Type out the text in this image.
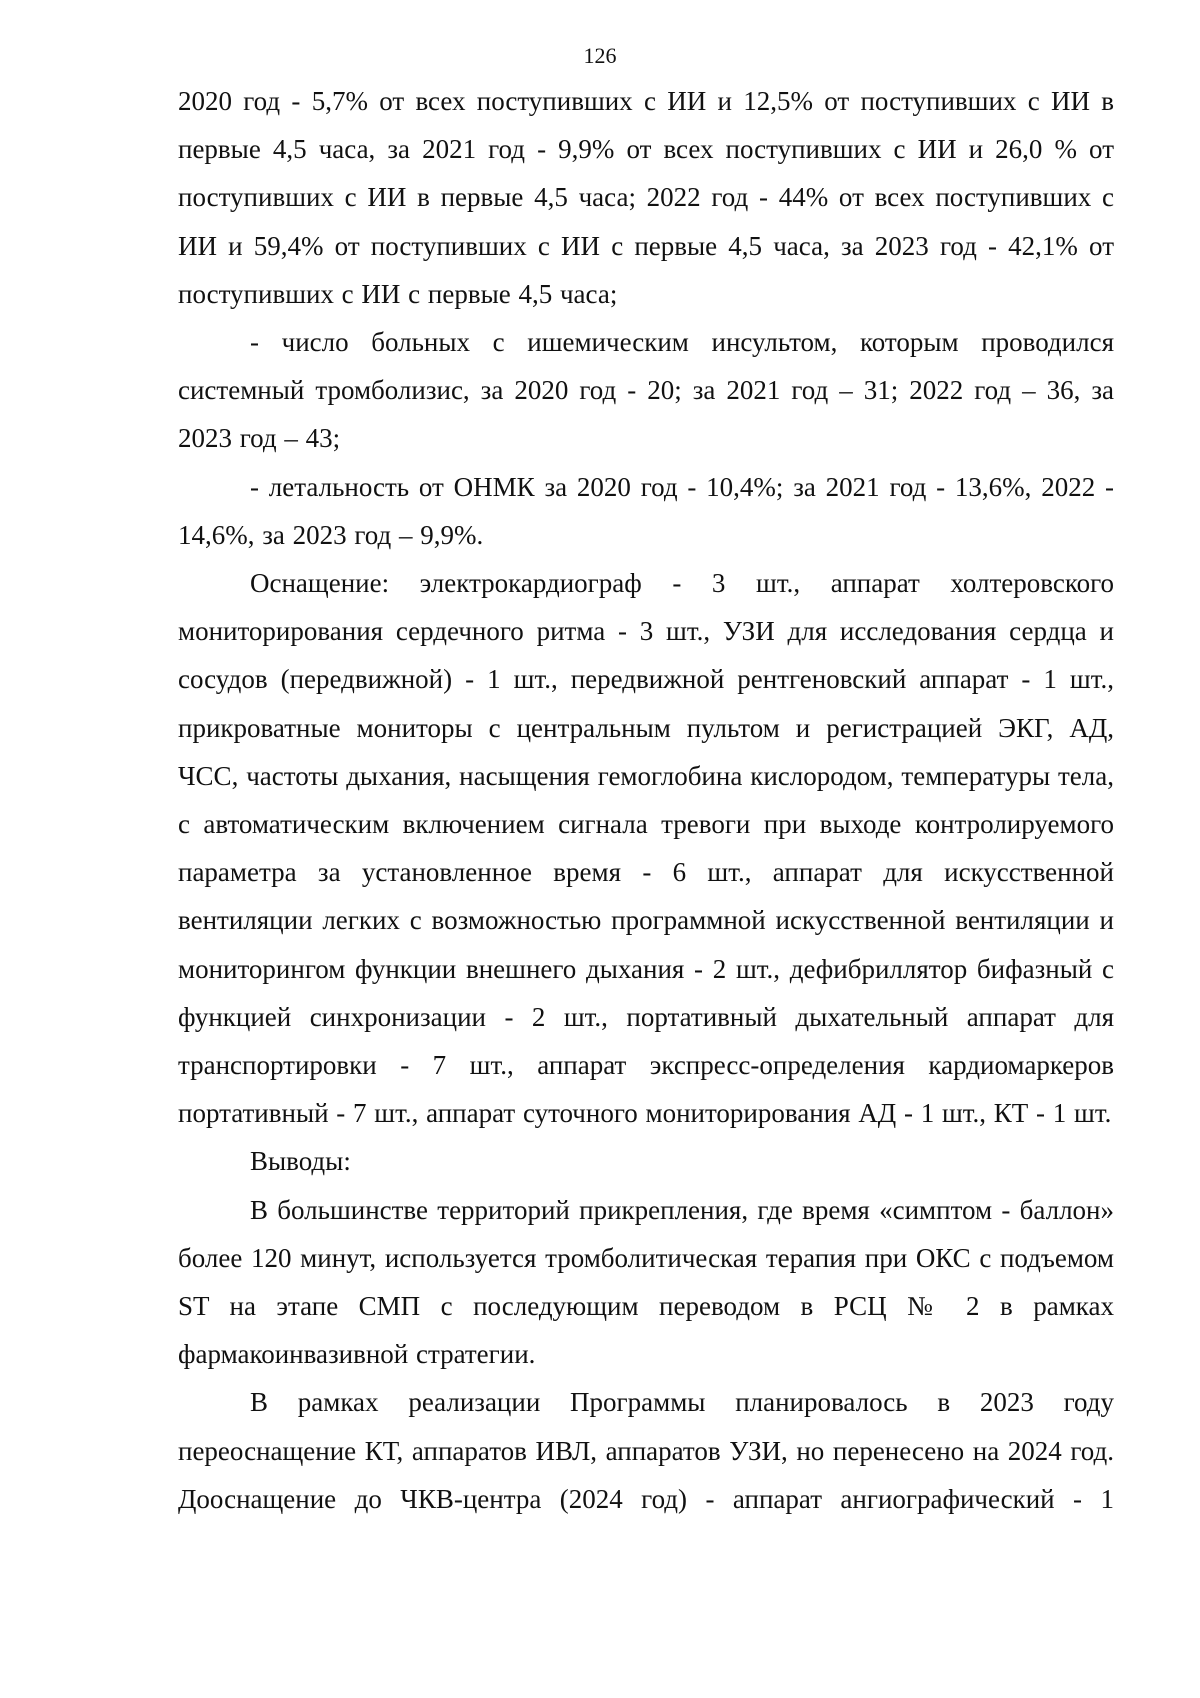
126

2020 год - 5,7% от всех поступивших с ИИ и 12,5% от поступивших с ИИ в первые 4,5 часа, за 2021 год - 9,9% от всех поступивших с ИИ и 26,0 % от поступивших с ИИ в первые 4,5 часа; 2022 год - 44% от всех поступивших с ИИ и 59,4% от поступивших с ИИ с первые 4,5 часа, за 2023 год - 42,1% от поступивших с ИИ с первые 4,5 часа;

- число больных с ишемическим инсультом, которым проводился системный тромболизис, за 2020 год - 20; за 2021 год – 31; 2022 год – 36, за 2023 год – 43;

- летальность от ОНМК за 2020 год - 10,4%; за 2021 год - 13,6%, 2022 - 14,6%, за 2023 год – 9,9%.

Оснащение: электрокардиограф - 3 шт., аппарат холтеровского мониторирования сердечного ритма - 3 шт., УЗИ для исследования сердца и сосудов (передвижной) - 1 шт., передвижной рентгеновский аппарат - 1 шт., прикроватные мониторы с центральным пультом и регистрацией ЭКГ, АД, ЧСС, частоты дыхания, насыщения гемоглобина кислородом, температуры тела, с автоматическим включением сигнала тревоги при выходе контролируемого параметра за установленное время - 6 шт., аппарат для искусственной вентиляции легких с возможностью программной искусственной вентиляции и мониторингом функции внешнего дыхания - 2 шт., дефибриллятор бифазный с функцией синхронизации - 2 шт., портативный дыхательный аппарат для транспортировки - 7 шт., аппарат экспресс-определения кардиомаркеров портативный - 7 шт., аппарат суточного мониторирования АД - 1 шт., КТ - 1 шт.

Выводы:

В большинстве территорий прикрепления, где время «симптом - баллон» более 120 минут, используется тромболитическая терапия при ОКС с подъемом ST на этапе СМП с последующим переводом в РСЦ № 2 в рамках фармакоинвазивной стратегии.

В рамках реализации Программы планировалось в 2023 году переоснащение КТ, аппаратов ИВЛ, аппаратов УЗИ, но перенесено на 2024 год. Дооснащение до ЧКВ-центра (2024 год) - аппарат ангиографический - 1
